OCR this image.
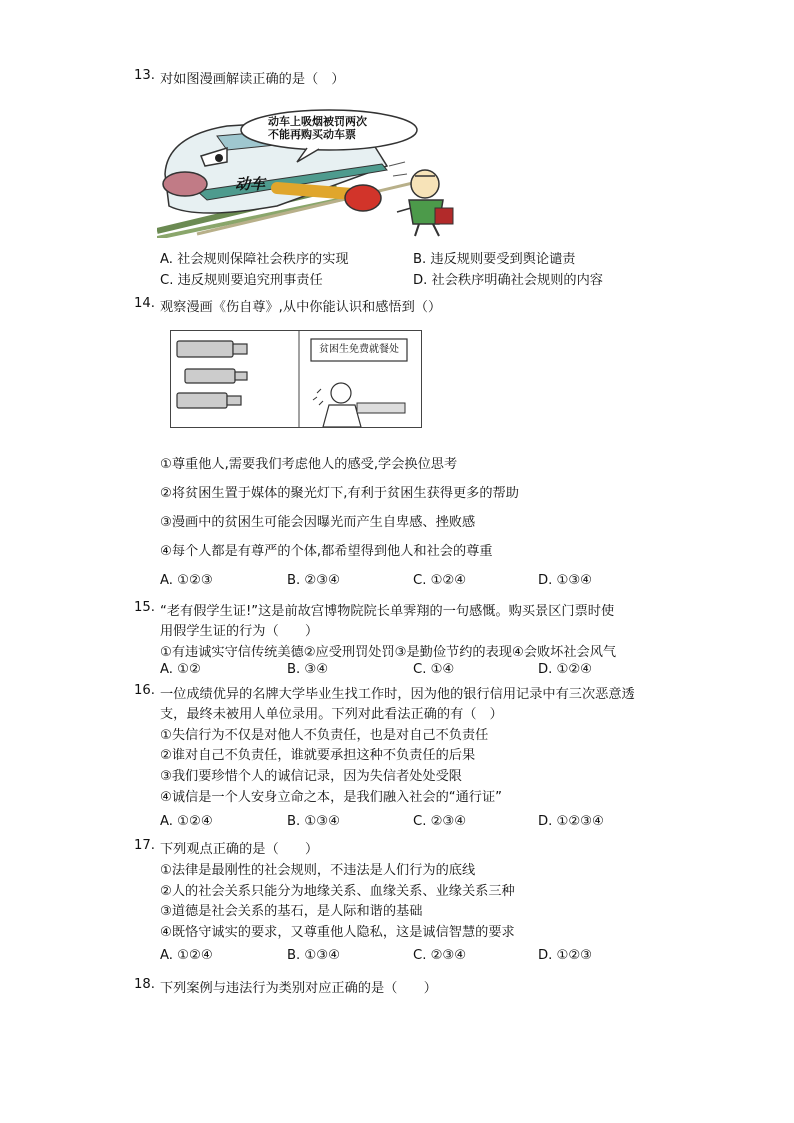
13. 对如图漫画解读正确的是（　）
动车上吸烟被罚两次
不能再购买动车票
动车
A. 社会规则保障社会秩序的实现	B. 违反规则要受到舆论谴责
C. 违反规则要追究刑事责任	D. 社会秩序明确社会规则的内容
14. 观察漫画《伤自尊》,从中你能认识和感悟到（）
贫困生免费就餐处
①尊重他人,需要我们考虑他人的感受,学会换位思考
②将贫困生置于媒体的聚光灯下,有利于贫困生获得更多的帮助
③漫画中的贫困生可能会因曝光而产生自卑感、挫败感
④每个人都是有尊严的个体,都希望得到他人和社会的尊重
A. ①②③	B. ②③④	C. ①②④	D. ①③④
15. “老有假学生证!”这是前故宫博物院院长单霁翔的一句感慨。购买景区门票时使
用假学生证的行为（　　）
①有违诚实守信传统美德②应受刑罚处罚③是勤俭节约的表现④会败坏社会风气
A. ①②	B. ③④	C. ①④	D. ①②④
16. 一位成绩优异的名牌大学毕业生找工作时，因为他的银行信用记录中有三次恶意透
支，最终未被用人单位录用。下列对此看法正确的有（　）
①失信行为不仅是对他人不负责任，也是对自己不负责任
②谁对自己不负责任，谁就要承担这种不负责任的后果
③我们要珍惜个人的诚信记录，因为失信者处处受限
④诚信是一个人安身立命之本，是我们融入社会的“通行证”
A. ①②④	B. ①③④	C. ②③④	D. ①②③④
17. 下列观点正确的是（　　）
①法律是最刚性的社会规则，不违法是人们行为的底线
②人的社会关系只能分为地缘关系、血缘关系、业缘关系三种
③道德是社会关系的基石，是人际和谐的基础
④既恪守诚实的要求，又尊重他人隐私，这是诚信智慧的要求
A. ①②④	B. ①③④	C. ②③④	D. ①②③
18. 下列案例与违法行为类别对应正确的是（　　）
